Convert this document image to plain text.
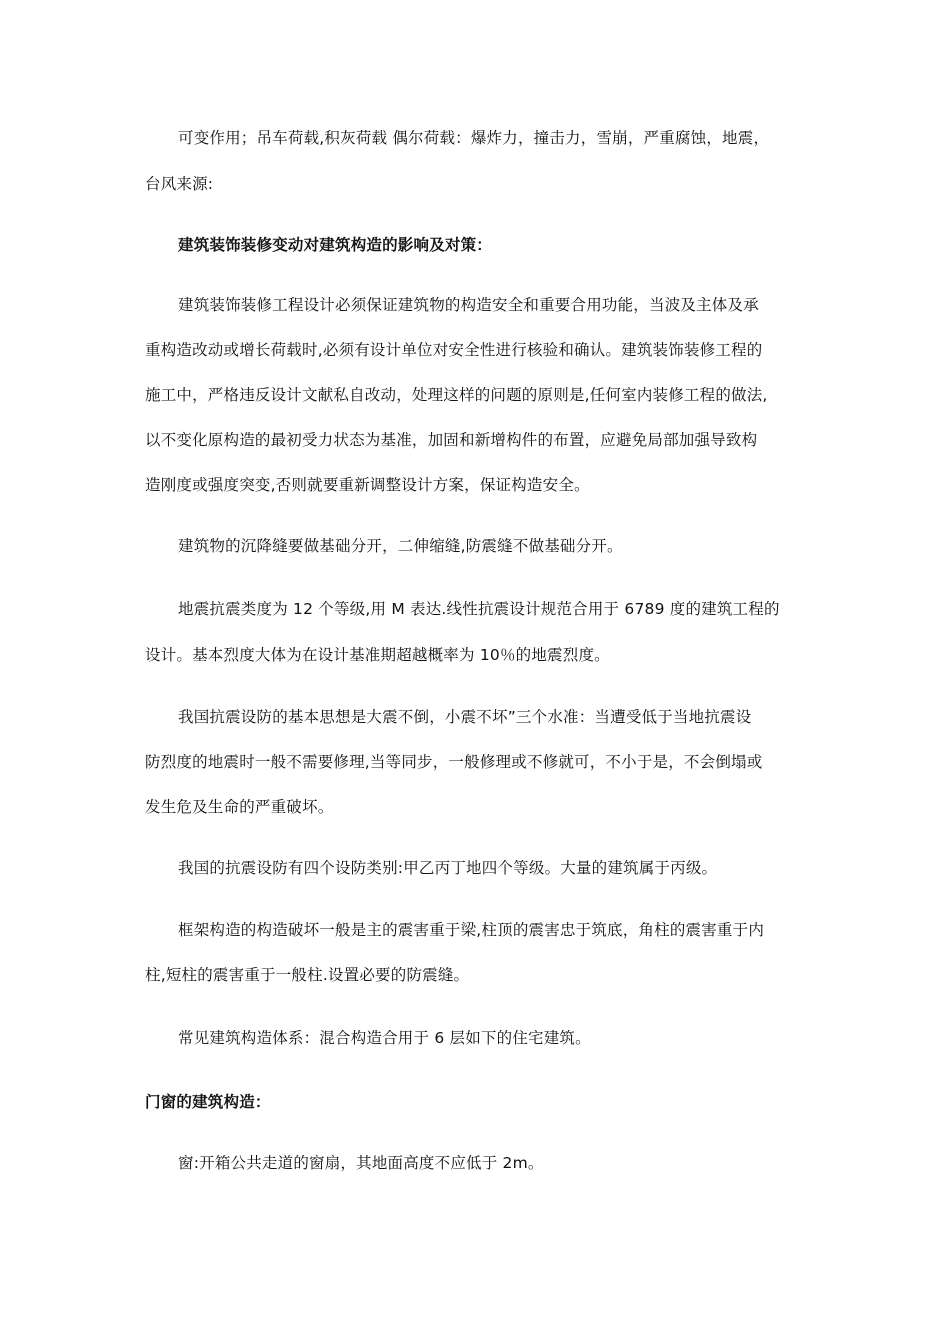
可变作用；吊车荷载,积灰荷载 偶尔荷载：爆炸力，撞击力，雪崩，严重腐蚀，地震，
台风来源:
建筑装饰装修变动对建筑构造的影响及对策：
建筑装饰装修工程设计必须保证建筑物的构造安全和重要合用功能，当波及主体及承
重构造改动或增长荷载时,必须有设计单位对安全性进行核验和确认。建筑装饰装修工程的
施工中，严格违反设计文献私自改动，处理这样的问题的原则是,任何室内装修工程的做法,
以不变化原构造的最初受力状态为基准，加固和新增构件的布置，应避免局部加强导致构
造刚度或强度突变,否则就要重新调整设计方案，保证构造安全。
建筑物的沉降缝要做基础分开，二伸缩缝,防震缝不做基础分开。
地震抗震类度为 12 个等级,用 M 表达.线性抗震设计规范合用于 6789 度的建筑工程的
设计。基本烈度大体为在设计基准期超越概率为 10％的地震烈度。
我国抗震设防的基本思想是大震不倒，小震不坏”三个水准：当遭受低于当地抗震设
防烈度的地震时一般不需要修理,当等同步，一般修理或不修就可，不小于是，不会倒塌或
发生危及生命的严重破坏。
我国的抗震设防有四个设防类别:甲乙丙丁地四个等级。大量的建筑属于丙级。
框架构造的构造破坏一般是主的震害重于梁,柱顶的震害忠于筑底，角柱的震害重于内
柱,短柱的震害重于一般柱.设置必要的防震缝。
常见建筑构造体系：混合构造合用于 6 层如下的住宅建筑。
门窗的建筑构造：
窗:开箱公共走道的窗扇，其地面高度不应低于 2m。
